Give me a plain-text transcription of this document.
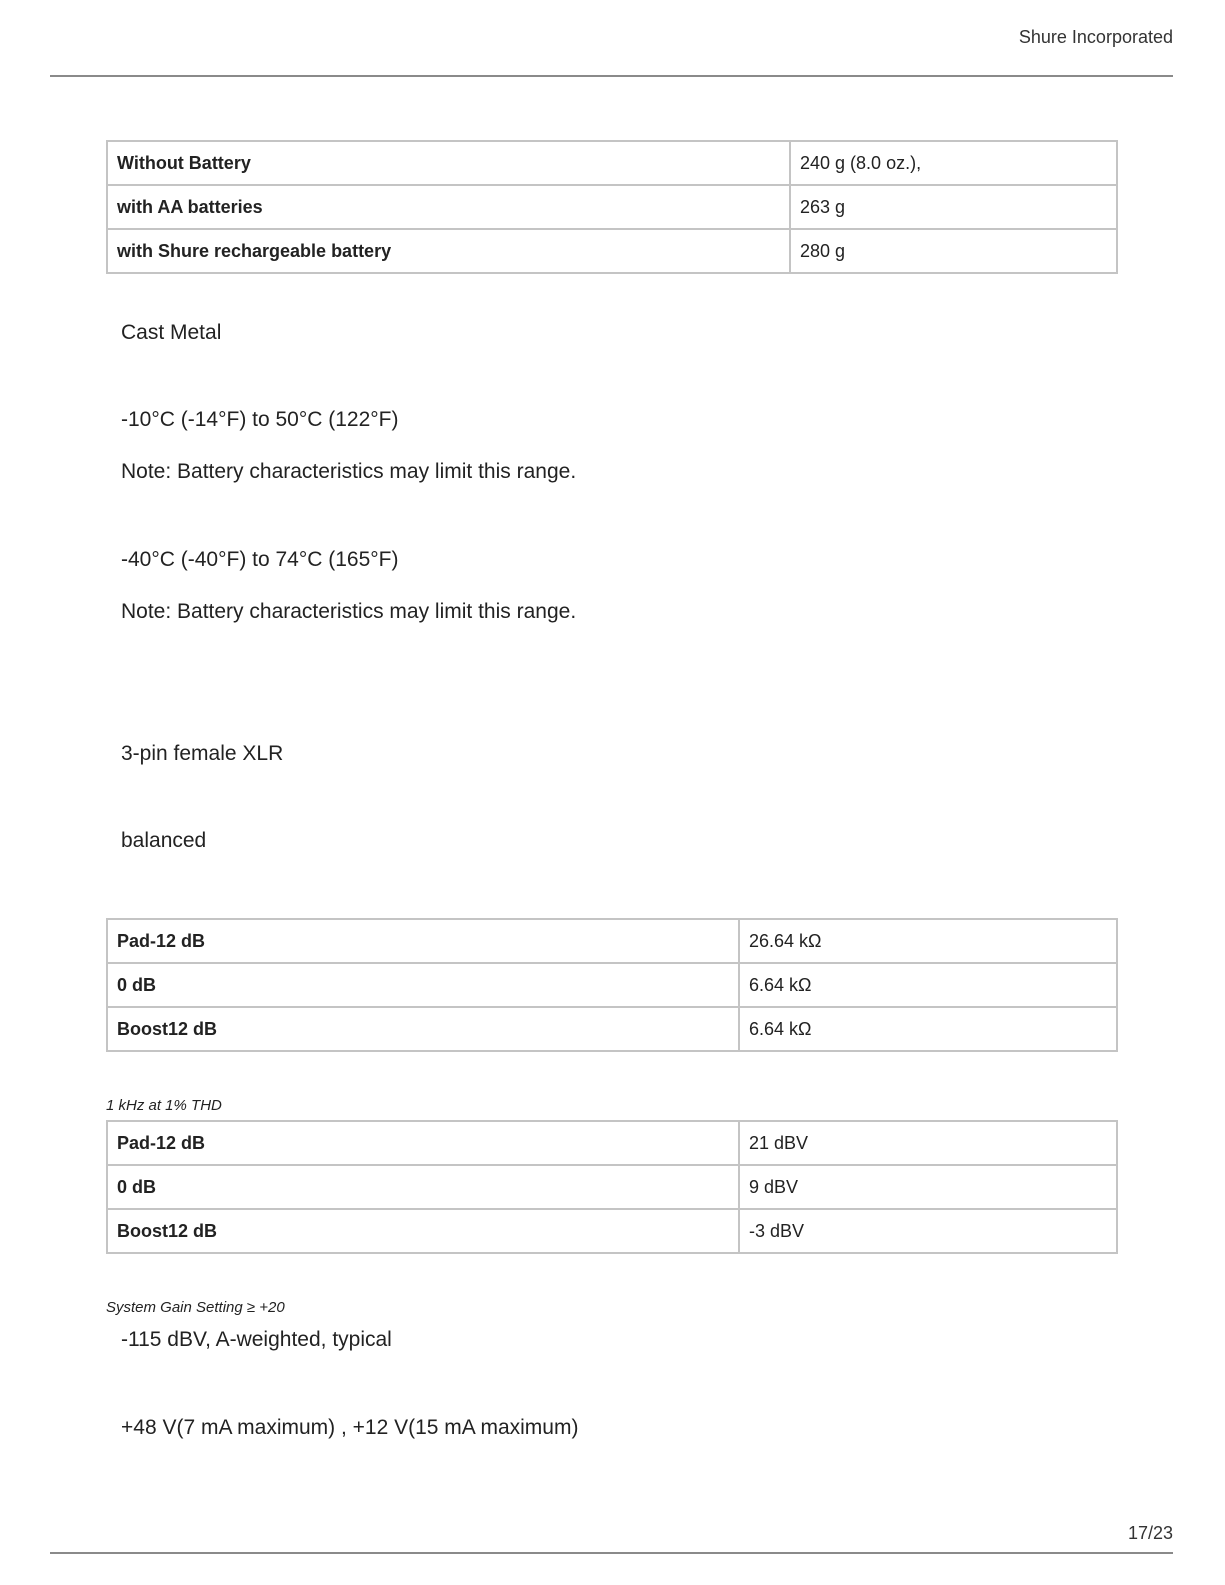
Shure Incorporated
Without Battery	240 g (8.0 oz.),
with AA batteries	263 g
with Shure rechargeable battery	280 g
Cast Metal
-10°C (-14°F) to 50°C (122°F)
Note: Battery characteristics may limit this range.
-40°C (-40°F) to 74°C (165°F)
Note: Battery characteristics may limit this range.
3-pin female XLR
balanced
Pad-12 dB	26.64 kΩ
0 dB	6.64 kΩ
Boost12 dB	6.64 kΩ
1 kHz at 1% THD
Pad-12 dB	21 dBV
0 dB	9 dBV
Boost12 dB	-3 dBV
System Gain Setting ≥ +20
-115 dBV, A-weighted, typical
+48 V(7 mA maximum) , +12 V(15 mA maximum)
17/23
